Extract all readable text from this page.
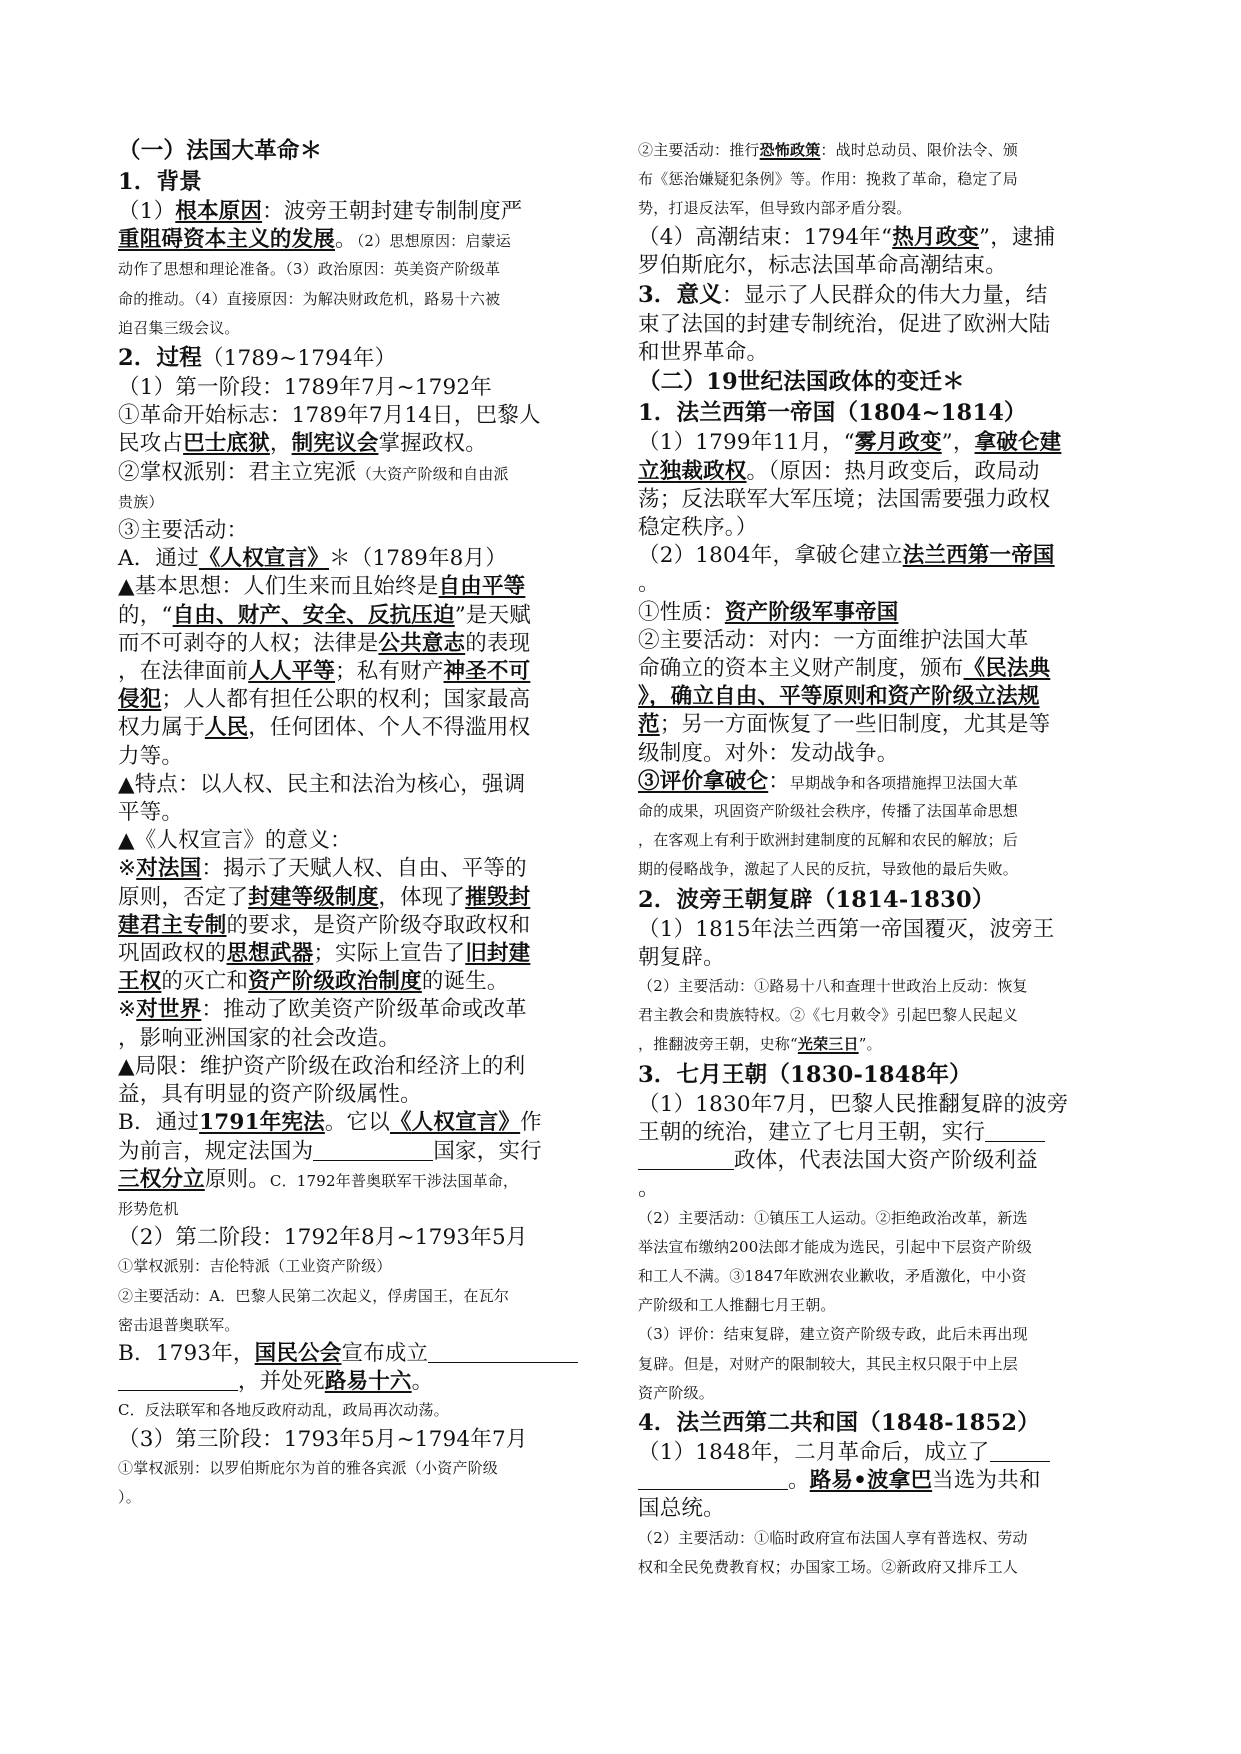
（一）法国大革命＊
1．背景
（1）根本原因：波旁王朝封建专制制度严
重阻碍资本主义的发展。（2）思想原因：启蒙运
动作了思想和理论准备。（3）政治原因：英美资产阶级革
命的推动。（4）直接原因：为解决财政危机，路易十六被
迫召集三级会议。
2．过程（1789~1794年）
（1）第一阶段：1789年7月~1792年
①革命开始标志：1789年7月14日，巴黎人
民攻占巴士底狱，制宪议会掌握政权。
②掌权派别：君主立宪派（大资产阶级和自由派
贵族）
③主要活动：
A．通过《人权宣言》＊（1789年8月）
▲基本思想：人们生来而且始终是自由平等
的，“自由、财产、安全、反抗压迫”是天赋
而不可剥夺的人权；法律是公共意志的表现
，在法律面前人人平等；私有财产神圣不可
侵犯；人人都有担任公职的权利；国家最高
权力属于人民，任何团体、个人不得滥用权
力等。
▲特点：以人权、民主和法治为核心，强调
平等。
▲《人权宣言》的意义：
※对法国：揭示了天赋人权、自由、平等的
原则，否定了封建等级制度，体现了摧毁封
建君主专制的要求，是资产阶级夺取政权和
巩固政权的思想武器；实际上宣告了旧封建
王权的灭亡和资产阶级政治制度的诞生。
※对世界：推动了欧美资产阶级革命或改革
，影响亚洲国家的社会改造。
▲局限：维护资产阶级在政治和经济上的利
益，具有明显的资产阶级属性。
B．通过1791年宪法。它以《人权宣言》作
为前言，规定法国为	国家，实行
三权分立原则。C．1792年普奥联军干涉法国革命，
形势危机
（2）第二阶段：1792年8月~1793年5月
①掌权派别：吉伦特派（工业资产阶级）
②主要活动：A．巴黎人民第二次起义，俘虏国王，在瓦尔
密击退普奥联军。
B．1793年，国民公会宣布成立
，并处死路易十六。
C．反法联军和各地反政府动乱，政局再次动荡。
（3）第三阶段：1793年5月~1794年7月
①掌权派别：以罗伯斯庇尔为首的雅各宾派（小资产阶级
）。
②主要活动：推行恐怖政策：战时总动员、限价法令、颁
布《惩治嫌疑犯条例》等。作用：挽救了革命，稳定了局
势，打退反法军，但导致内部矛盾分裂。
（4）高潮结束：1794年“热月政变”，逮捕
罗伯斯庇尔，标志法国革命高潮结束。
3．意义：显示了人民群众的伟大力量，结
束了法国的封建专制统治，促进了欧洲大陆
和世界革命。
（二）19世纪法国政体的变迁＊
1．法兰西第一帝国（1804~1814）
（1）1799年11月，“雾月政变”，拿破仑建
立独裁政权。（原因：热月政变后，政局动
荡；反法联军大军压境；法国需要强力政权
稳定秩序。）
（2）1804年，拿破仑建立法兰西第一帝国
。
①性质：资产阶级军事帝国
②主要活动：对内：一方面维护法国大革
命确立的资本主义财产制度，颁布《民法典
》，确立自由、平等原则和资产阶级立法规
范；另一方面恢复了一些旧制度，尤其是等
级制度。对外：发动战争。
③评价拿破仑：早期战争和各项措施捍卫法国大革
命的成果，巩固资产阶级社会秩序，传播了法国革命思想
，在客观上有利于欧洲封建制度的瓦解和农民的解放；后
期的侵略战争，激起了人民的反抗，导致他的最后失败。
2．波旁王朝复辟（1814-1830）
（1）1815年法兰西第一帝国覆灭，波旁王
朝复辟。
（2）主要活动：①路易十八和查理十世政治上反动：恢复
君主教会和贵族特权。②《七月敕令》引起巴黎人民起义
，推翻波旁王朝，史称“光荣三日”。
3．七月王朝（1830-1848年）
（1）1830年7月，巴黎人民推翻复辟的波旁
王朝的统治，建立了七月王朝，实行
政体，代表法国大资产阶级利益
。
（2）主要活动：①镇压工人运动。②拒绝政治改革，新选
举法宣布缴纳200法郎才能成为选民，引起中下层资产阶级
和工人不满。③1847年欧洲农业歉收，矛盾激化，中小资
产阶级和工人推翻七月王朝。
（3）评价：结束复辟，建立资产阶级专政，此后未再出现
复辟。但是，对财产的限制较大，其民主权只限于中上层
资产阶级。
4．法兰西第二共和国（1848-1852）
（1）1848年，二月革命后，成立了
。路易•波拿巴当选为共和
国总统。
（2）主要活动：①临时政府宣布法国人享有普选权、劳动
权和全民免费教育权；办国家工场。②新政府又排斥工人
